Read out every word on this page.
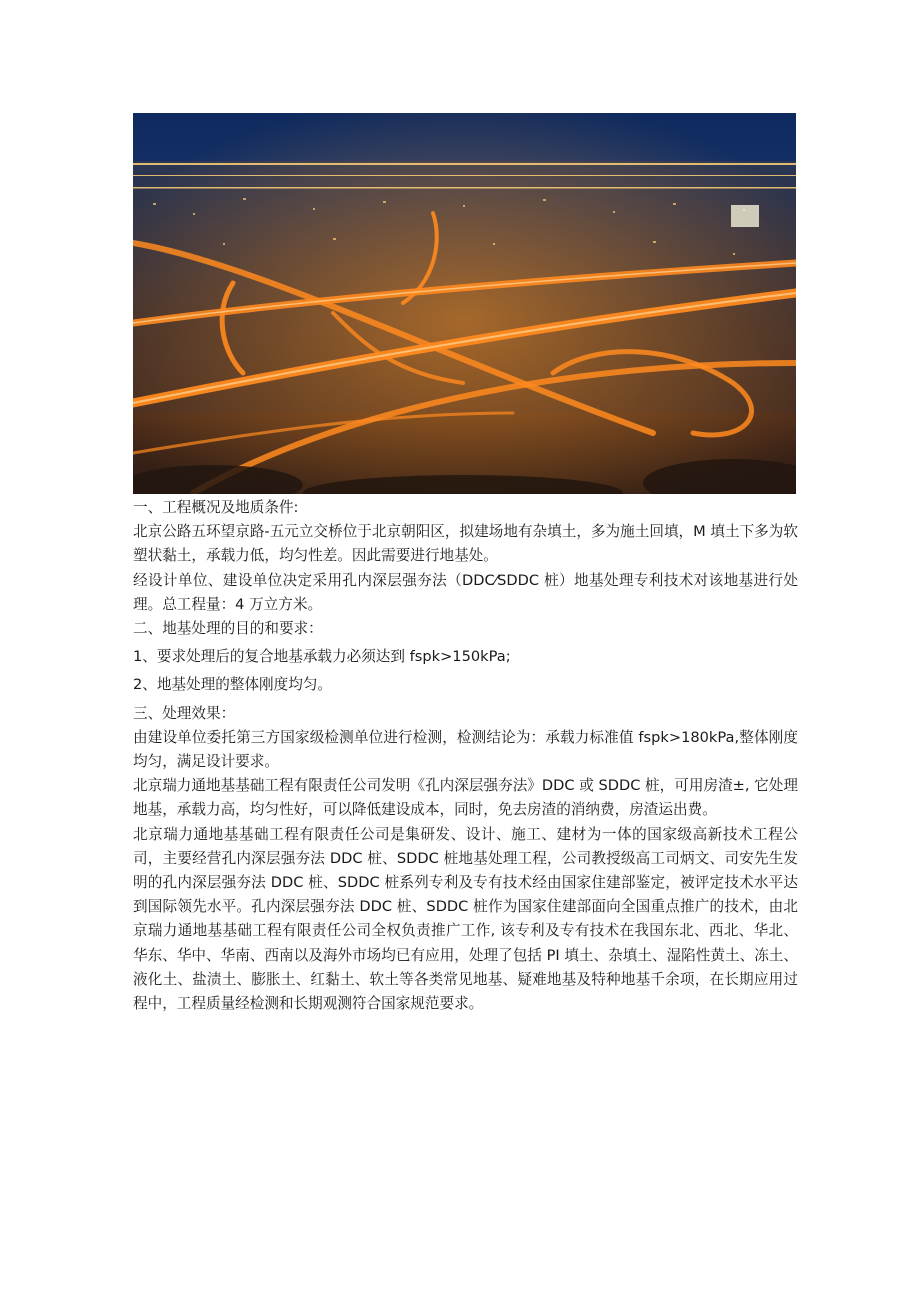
一、工程概况及地质条件:

北京公路五环望京路-五元立交桥位于北京朝阳区，拟建场地有杂填土，多为施土回填，M 填土下多为软塑状黏土，承载力低，均匀性差。因此需要进行地基处。

经设计单位、建设单位决定采用孔内深层强夯法（DDC⁄SDDC 桩）地基处理专利技术对该地基进行处理。总工程量：4 万立方米。

二、地基处理的目的和要求：

1、要求处理后的复合地基承载力必须达到 fspk>150kPa;

2、地基处理的整体刚度均匀。

三、处理效果：

由建设单位委托第三方国家级检测单位进行检测，检测结论为：承载力标准值 fspk>180kPa,整体刚度均匀，满足设计要求。

北京瑞力通地基基础工程有限责任公司发明《孔内深层强夯法》DDC 或 SDDC 桩，可用房渣±, 它处理地基，承载力高，均匀性好，可以降低建设成本，同时，免去房渣的消纳费，房渣运出费。

北京瑞力通地基基础工程有限责任公司是集研发、设计、施工、建材为一体的国家级高新技术工程公司，主要经营孔内深层强夯法 DDC 桩、SDDC 桩地基处理工程，公司教授级高工司炳文、司安先生发明的孔内深层强夯法 DDC 桩、SDDC 桩系列专利及专有技术经由国家住建部鉴定，被评定技术水平达到国际领先水平。孔内深层强夯法 DDC 桩、SDDC 桩作为国家住建部面向全国重点推广的技术，由北京瑞力通地基基础工程有限责任公司全权负责推广工作, 该专利及专有技术在我国东北、西北、华北、华东、华中、华南、西南以及海外市场均已有应用，处理了包括 PI 填土、杂填土、湿陷性黄土、冻土、液化土、盐渍土、膨胀土、红黏土、软土等各类常见地基、疑难地基及特种地基千余项，在长期应用过程中，工程质量经检测和长期观测符合国家规范要求。
